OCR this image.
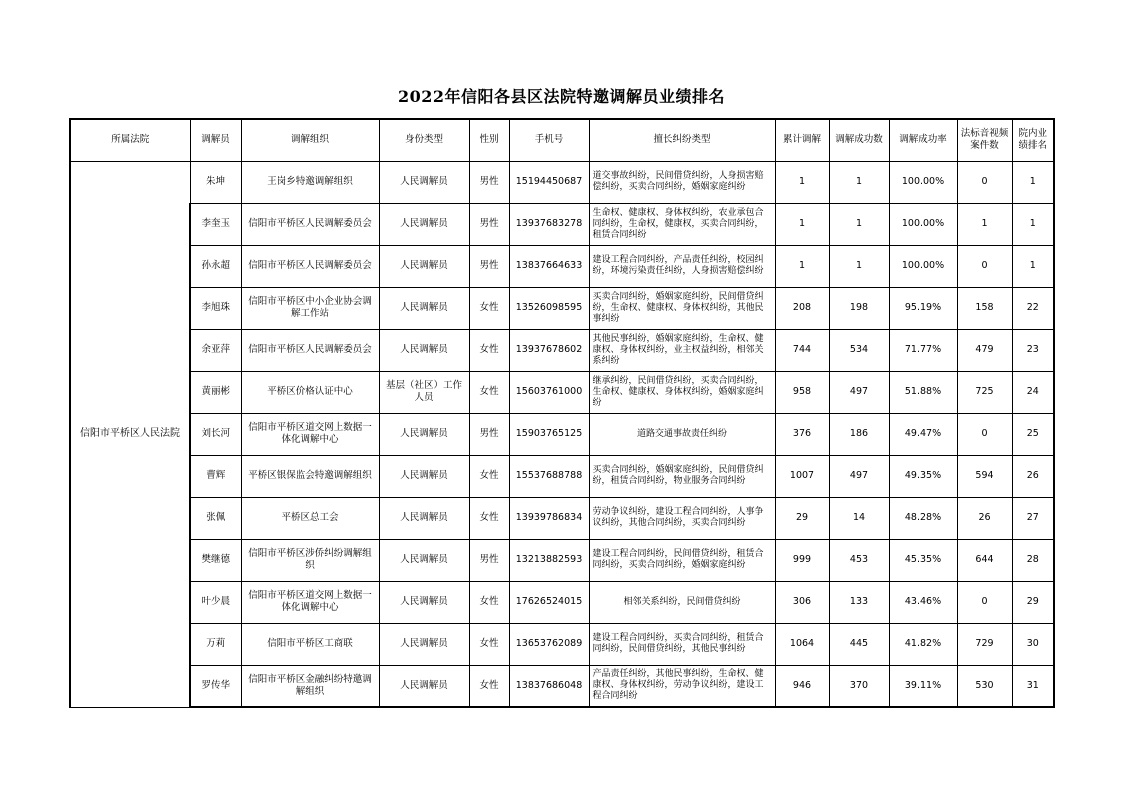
2022年信阳各县区法院特邀调解员业绩排名
所属法院	调解员	调解组织	身份类型	性别	手机号	擅长纠纷类型	累计调解	调解成功数	调解成功率	法标音视频案件数	院内业绩排名
信阳市平桥区人民法院	朱坤	王岗乡特邀调解组织	人民调解员	男性	15194450687	道交事故纠纷，民间借贷纠纷，人身损害赔偿纠纷，买卖合同纠纷，婚姻家庭纠纷	1	1	100.00%	0	1
	李奎玉	信阳市平桥区人民调解委员会	人民调解员	男性	13937683278	生命权、健康权、身体权纠纷，农业承包合同纠纷，生命权，健康权，买卖合同纠纷，租赁合同纠纷	1	1	100.00%	1	1
	孙永超	信阳市平桥区人民调解委员会	人民调解员	男性	13837664633	建设工程合同纠纷，产品责任纠纷，校园纠纷，环境污染责任纠纷，人身损害赔偿纠纷	1	1	100.00%	0	1
	李旭珠	信阳市平桥区中小企业协会调解工作站	人民调解员	女性	13526098595	买卖合同纠纷，婚姻家庭纠纷，民间借贷纠纷，生命权、健康权、身体权纠纷，其他民事纠纷	208	198	95.19%	158	22
	余亚萍	信阳市平桥区人民调解委员会	人民调解员	女性	13937678602	其他民事纠纷，婚姻家庭纠纷，生命权、健康权、身体权纠纷，业主权益纠纷，相邻关系纠纷	744	534	71.77%	479	23
	黄丽彬	平桥区价格认证中心	基层（社区）工作人员	女性	15603761000	继承纠纷，民间借贷纠纷，买卖合同纠纷，生命权、健康权、身体权纠纷，婚姻家庭纠纷	958	497	51.88%	725	24
	刘长河	信阳市平桥区道交网上数据一体化调解中心	人民调解员	男性	15903765125	道路交通事故责任纠纷	376	186	49.47%	0	25
	曹辉	平桥区银保监会特邀调解组织	人民调解员	女性	15537688788	买卖合同纠纷，婚姻家庭纠纷，民间借贷纠纷，租赁合同纠纷，物业服务合同纠纷	1007	497	49.35%	594	26
	张佩	平桥区总工会	人民调解员	女性	13939786834	劳动争议纠纷，建设工程合同纠纷，人事争议纠纷，其他合同纠纷，买卖合同纠纷	29	14	48.28%	26	27
	樊继德	信阳市平桥区涉侨纠纷调解组织	人民调解员	男性	13213882593	建设工程合同纠纷，民间借贷纠纷，租赁合同纠纷，买卖合同纠纷，婚姻家庭纠纷	999	453	45.35%	644	28
	叶少晨	信阳市平桥区道交网上数据一体化调解中心	人民调解员	女性	17626524015	相邻关系纠纷，民间借贷纠纷	306	133	43.46%	0	29
	万莉	信阳市平桥区工商联	人民调解员	女性	13653762089	建设工程合同纠纷，买卖合同纠纷，租赁合同纠纷，民间借贷纠纷，其他民事纠纷	1064	445	41.82%	729	30
	罗传华	信阳市平桥区金融纠纷特邀调解组织	人民调解员	女性	13837686048	产品责任纠纷，其他民事纠纷，生命权、健康权、身体权纠纷，劳动争议纠纷，建设工程合同纠纷	946	370	39.11%	530	31
